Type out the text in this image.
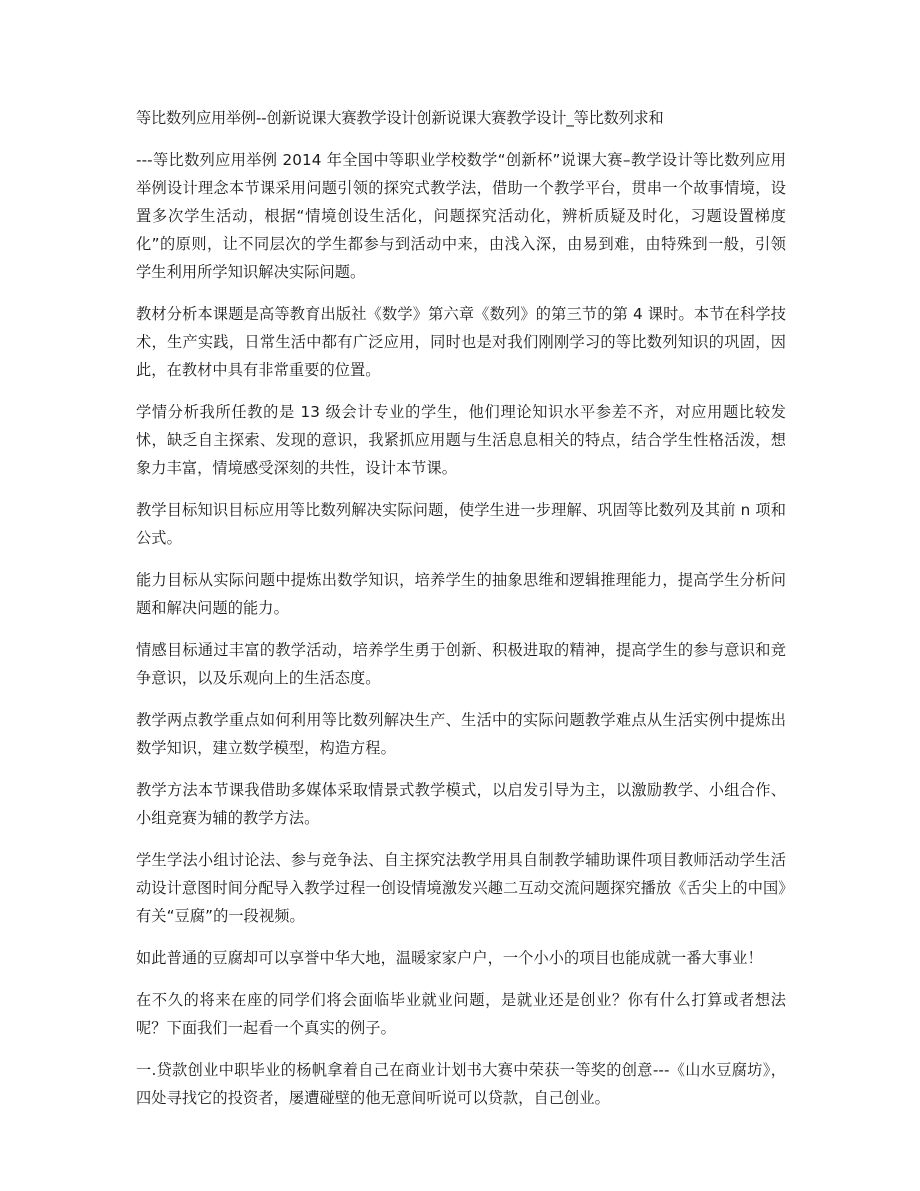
等比数列应用举例--创新说课大赛教学设计创新说课大赛教学设计_等比数列求和

---等比数列应用举例 2014 年全国中等职业学校数学“创新杯”说课大赛–教学设计等比数列应用举例设计理念本节课采用问题引领的探究式教学法，借助一个教学平台，贯串一个故事情境，设置多次学生活动，根据“情境创设生活化，问题探究活动化，辨析质疑及时化，习题设置梯度化”的原则，让不同层次的学生都参与到活动中来，由浅入深，由易到难，由特殊到一般，引领学生利用所学知识解决实际问题。

教材分析本课题是高等教育出版社《数学》第六章《数列》的第三节的第 4 课时。本节在科学技术，生产实践，日常生活中都有广泛应用，同时也是对我们刚刚学习的等比数列知识的巩固，因此，在教材中具有非常重要的位置。

学情分析我所任教的是 13 级会计专业的学生，他们理论知识水平参差不齐，对应用题比较发怵，缺乏自主探索、发现的意识，我紧抓应用题与生活息息相关的特点，结合学生性格活泼，想象力丰富，情境感受深刻的共性，设计本节课。

教学目标知识目标应用等比数列解决实际问题，使学生进一步理解、巩固等比数列及其前 n 项和公式。

能力目标从实际问题中提炼出数学知识，培养学生的抽象思维和逻辑推理能力，提高学生分析问题和解决问题的能力。

情感目标通过丰富的教学活动，培养学生勇于创新、积极进取的精神，提高学生的参与意识和竞争意识，以及乐观向上的生活态度。

教学两点教学重点如何利用等比数列解决生产、生活中的实际问题教学难点从生活实例中提炼出数学知识，建立数学模型，构造方程。

教学方法本节课我借助多媒体采取情景式教学模式，以启发引导为主，以激励教学、小组合作、小组竞赛为辅的教学方法。

学生学法小组讨论法、参与竞争法、自主探究法教学用具自制教学辅助课件项目教师活动学生活动设计意图时间分配导入教学过程一创设情境激发兴趣二互动交流问题探究播放《舌尖上的中国》有关“豆腐”的一段视频。

如此普通的豆腐却可以享誉中华大地，温暖家家户户，一个小小的项目也能成就一番大事业！

在不久的将来在座的同学们将会面临毕业就业问题，是就业还是创业？你有什么打算或者想法呢？下面我们一起看一个真实的例子。

一.贷款创业中职毕业的杨帆拿着自己在商业计划书大赛中荣获一等奖的创意---《山水豆腐坊》，四处寻找它的投资者，屡遭碰壁的他无意间听说可以贷款，自己创业。
